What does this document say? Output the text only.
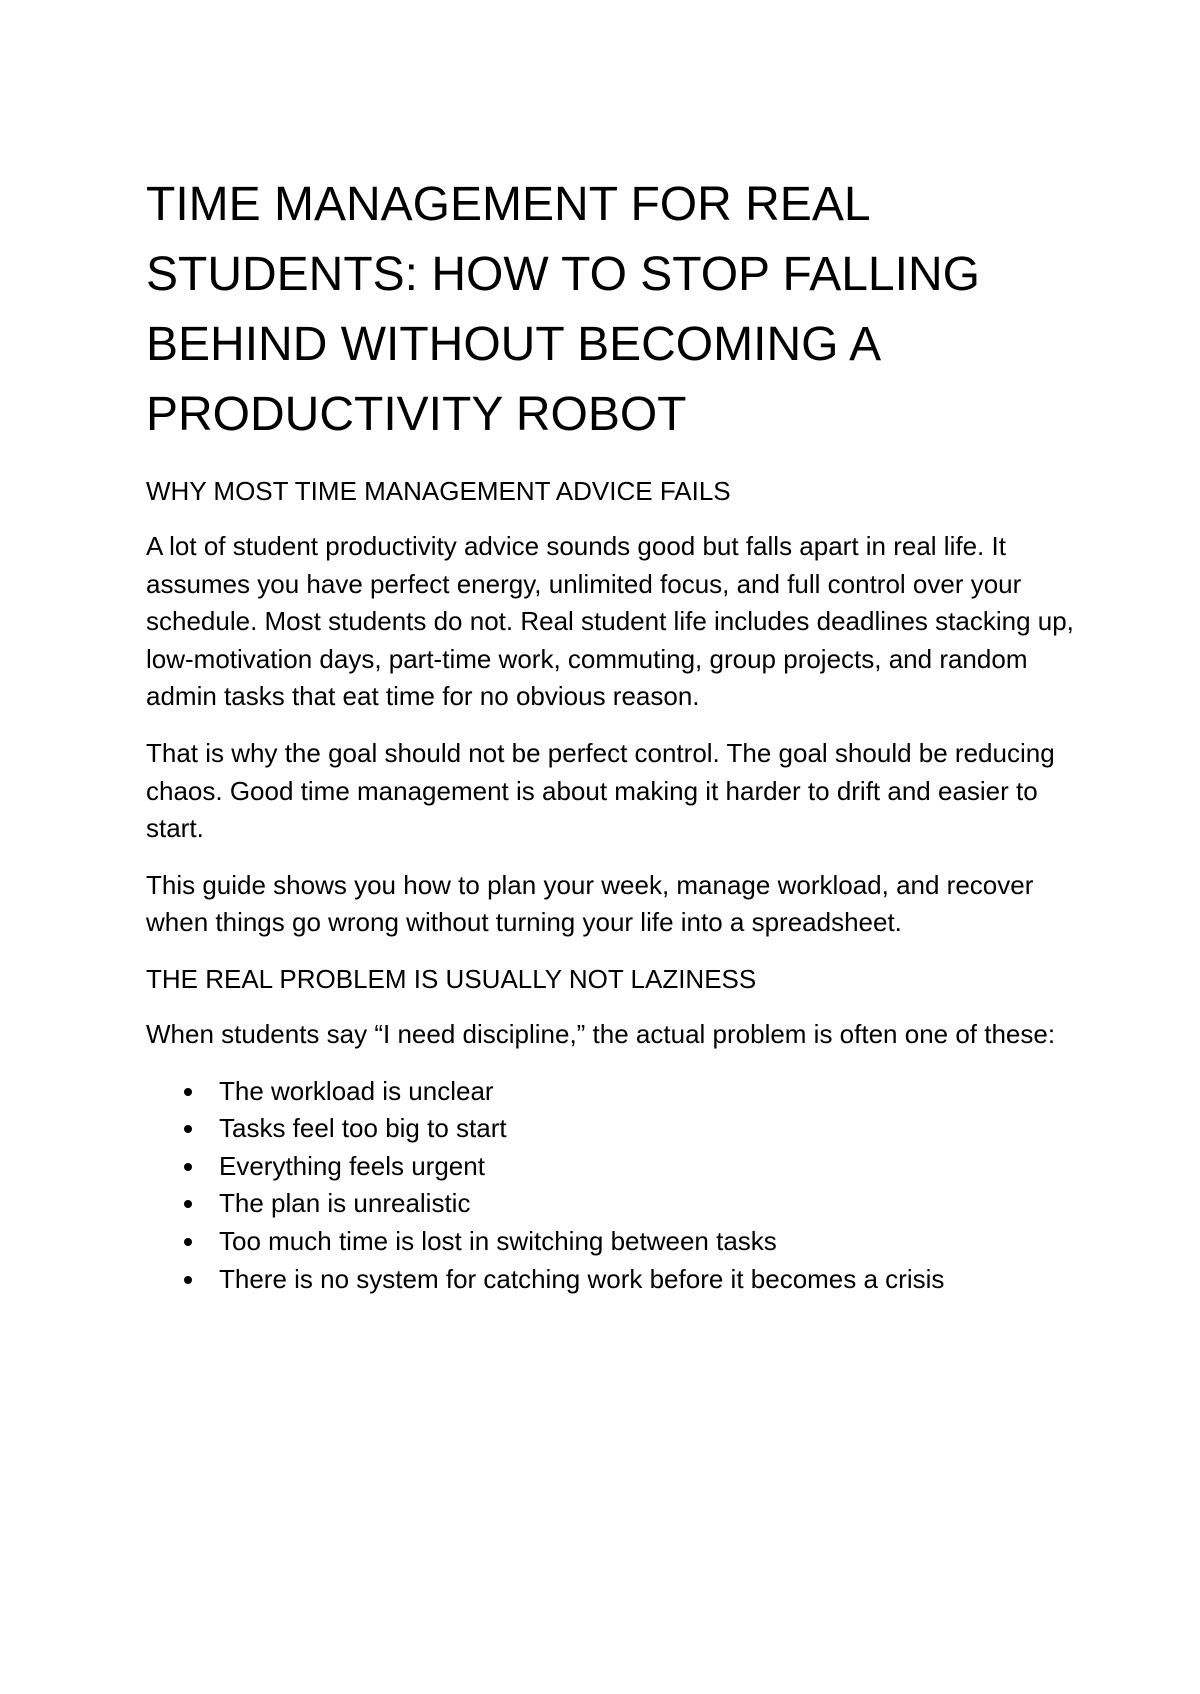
TIME MANAGEMENT FOR REAL STUDENTS: HOW TO STOP FALLING BEHIND WITHOUT BECOMING A PRODUCTIVITY ROBOT
WHY MOST TIME MANAGEMENT ADVICE FAILS

A lot of student productivity advice sounds good but falls apart in real life. It assumes you have perfect energy, unlimited focus, and full control over your schedule. Most students do not. Real student life includes deadlines stacking up, low-motivation days, part-time work, commuting, group projects, and random admin tasks that eat time for no obvious reason.

That is why the goal should not be perfect control. The goal should be reducing chaos. Good time management is about making it harder to drift and easier to start.

This guide shows you how to plan your week, manage workload, and recover when things go wrong without turning your life into a spreadsheet.

THE REAL PROBLEM IS USUALLY NOT LAZINESS

When students say “I need discipline,” the actual problem is often one of these:

The workload is unclear
Tasks feel too big to start
Everything feels urgent
The plan is unrealistic
Too much time is lost in switching between tasks
There is no system for catching work before it becomes a crisis
